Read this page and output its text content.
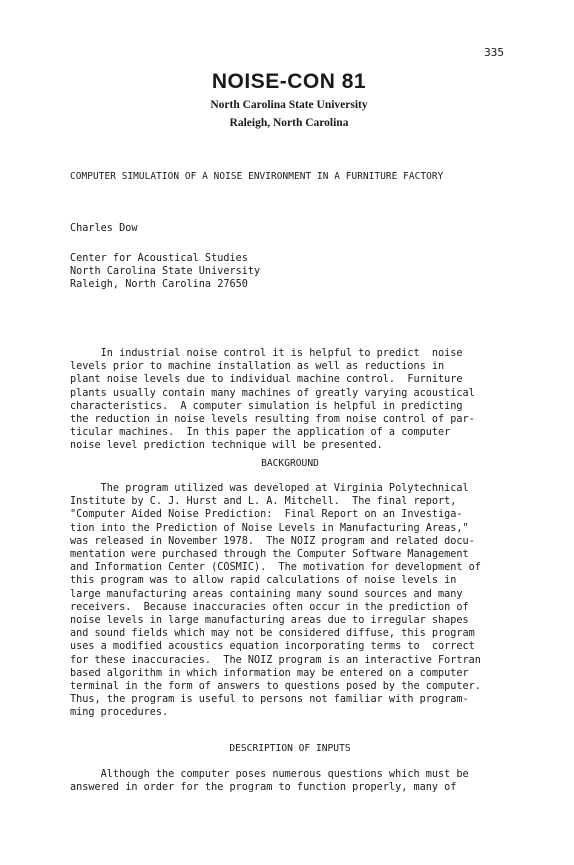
335
NOISE-CON 81
North Carolina State University
Raleigh, North Carolina
COMPUTER SIMULATION OF A NOISE ENVIRONMENT IN A FURNITURE FACTORY
Charles Dow
Center for Acoustical Studies
North Carolina State University
Raleigh, North Carolina 27650
In industrial noise control it is helpful to predict  noise
levels prior to machine installation as well as reductions in
plant noise levels due to individual machine control.  Furniture
plants usually contain many machines of greatly varying acoustical
characteristics.  A computer simulation is helpful in predicting
the reduction in noise levels resulting from noise control of par-
ticular machines.  In this paper the application of a computer
noise level prediction technique will be presented.
BACKGROUND
The program utilized was developed at Virginia Polytechnical
Institute by C. J. Hurst and L. A. Mitchell.  The final report,
"Computer Aided Noise Prediction:  Final Report on an Investiga-
tion into the Prediction of Noise Levels in Manufacturing Areas,"
was released in November 1978.  The NOIZ program and related docu-
mentation were purchased through the Computer Software Management
and Information Center (COSMIC).  The motivation for development of
this program was to allow rapid calculations of noise levels in
large manufacturing areas containing many sound sources and many
receivers.  Because inaccuracies often occur in the prediction of
noise levels in large manufacturing areas due to irregular shapes
and sound fields which may not be considered diffuse, this program
uses a modified acoustics equation incorporating terms to  correct
for these inaccuracies.  The NOIZ program is an interactive Fortran
based algorithm in which information may be entered on a computer
terminal in the form of answers to questions posed by the computer.
Thus, the program is useful to persons not familiar with program-
ming procedures.
DESCRIPTION OF INPUTS
Although the computer poses numerous questions which must be
answered in order for the program to function properly, many of
